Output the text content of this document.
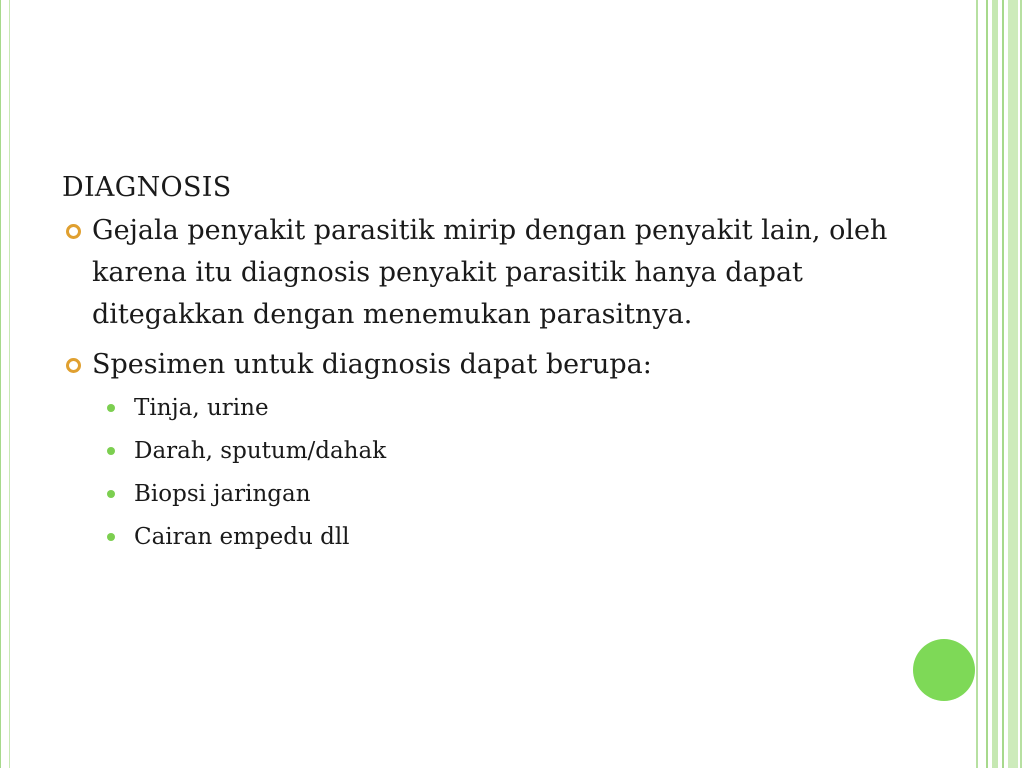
DIAGNOSIS
Gejala penyakit parasitik mirip dengan penyakit lain, oleh karena itu diagnosis penyakit parasitik hanya dapat ditegakkan dengan menemukan parasitnya.
Spesimen untuk diagnosis dapat berupa:
Tinja, urine
Darah, sputum/dahak
Biopsi jaringan
Cairan empedu dll
